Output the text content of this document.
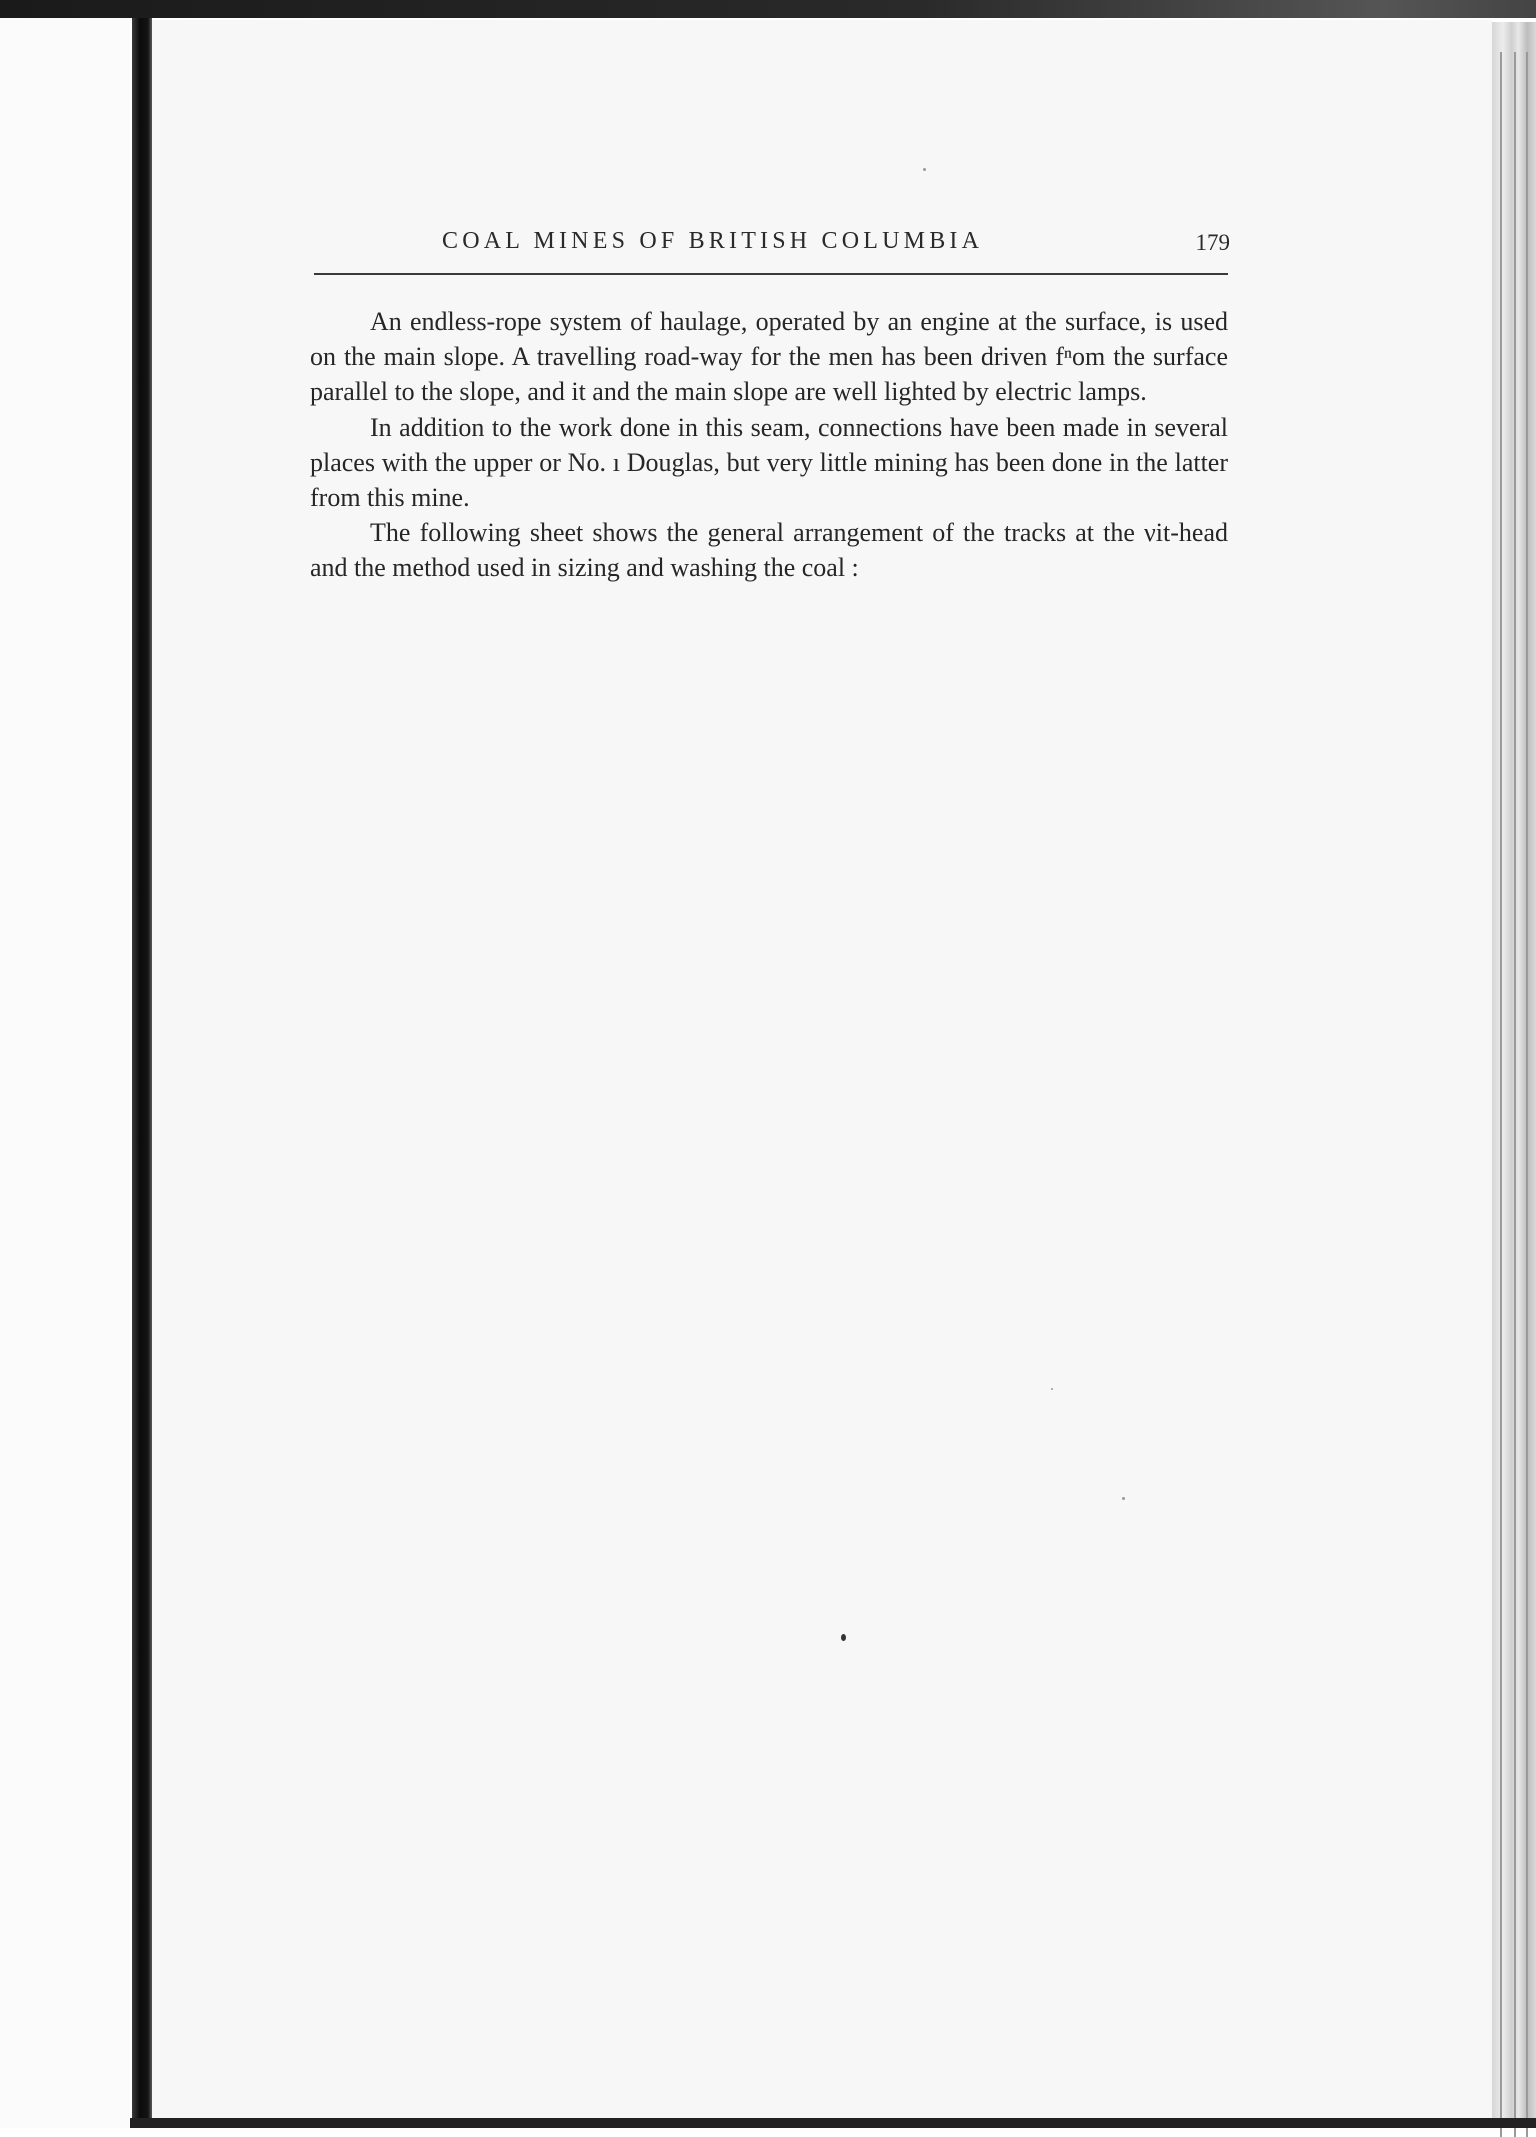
COAL MINES OF BRITISH COLUMBIA	179

An endless-rope system of haulage, operated by an engine at the surface, is used on the main slope. A travelling road-way for the men has been driven fⁿom the surface parallel to the slope, and it and the main slope are well lighted by electric lamps.

In addition to the work done in this seam, connections have been made in several places with the upper or No. ı Douglas, but very little mining has been done in the latter from this mine.

The following sheet shows the general arrangement of the tracks at the νit-head and the method used in sizing and washing the coal :
